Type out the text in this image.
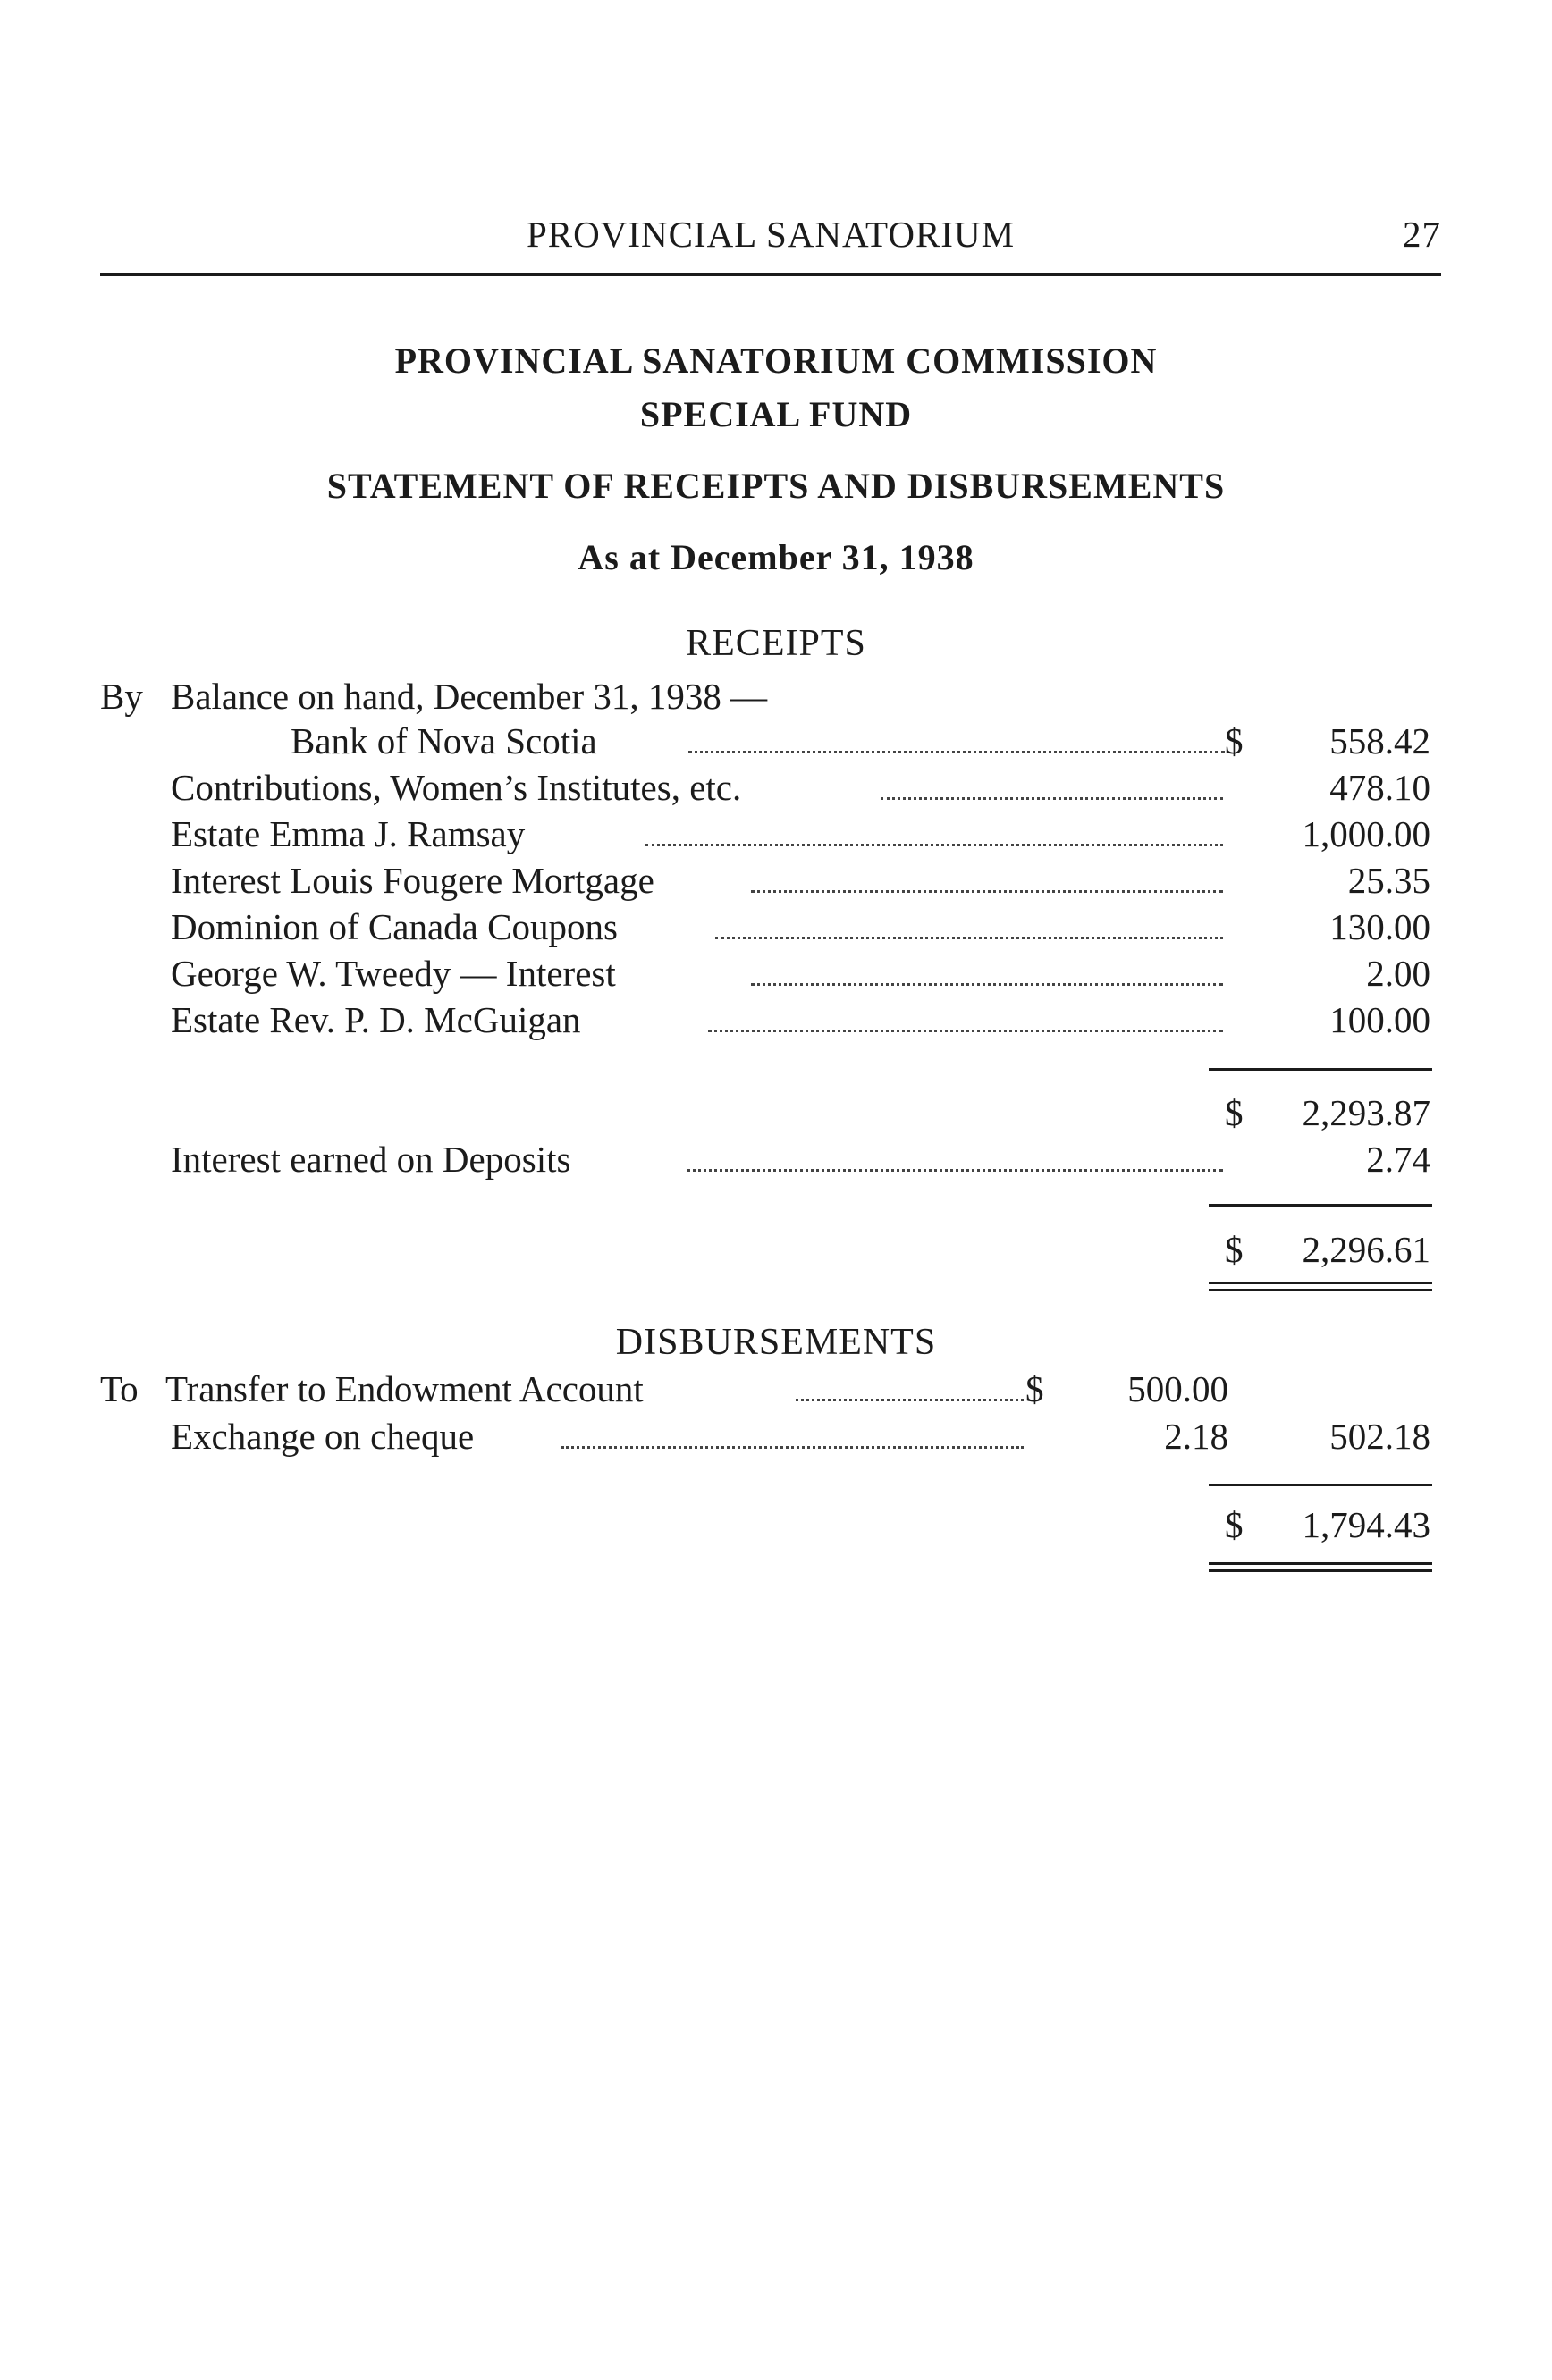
PROVINCIAL SANATORIUM	27
PROVINCIAL SANATORIUM COMMISSION
SPECIAL FUND
STATEMENT OF RECEIPTS AND DISBURSEMENTS
As at December 31, 1938
RECEIPTS
By Balance on hand, December 31, 1938 —
Bank of Nova Scotia	$ 558.42
Contributions, Women’s Institutes, etc.	478.10
Estate Emma J. Ramsay	1,000.00
Interest Louis Fougere Mortgage	25.35
Dominion of Canada Coupons	130.00
George W. Tweedy — Interest	2.00
Estate Rev. P. D. McGuigan	100.00
$ 2,293.87
Interest earned on Deposits	2.74
$ 2,296.61
DISBURSEMENTS
To Transfer to Endowment Account	$ 500.00
Exchange on cheque	2.18	502.18
$ 1,794.43
